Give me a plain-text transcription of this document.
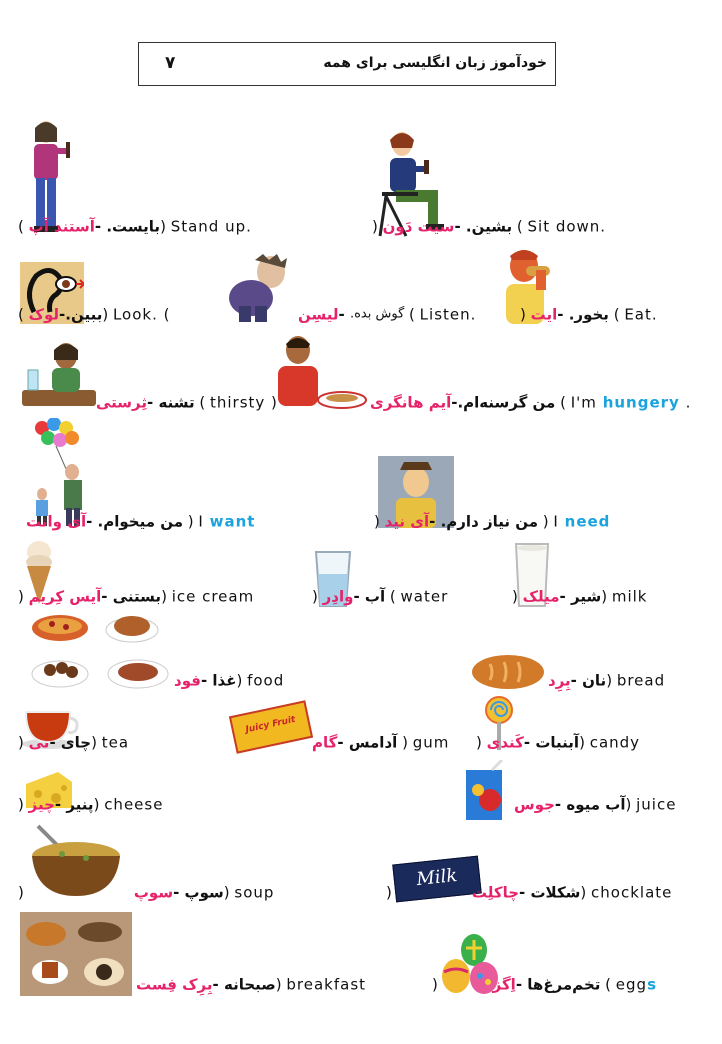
۷	خودآموز زبان انگلیسی برای همه
Juicy Fruit
Milk
(	بایست. -آستند آپ	) Stand up.	)	بشین. -سیت دَون	( Sit down.
( ببین.-لوک	) Look. (	گوش بده. -لیسِن	( Listen.	)	بخور. -ایت	( Eat.
تشنه -ثِرستی	( thirsty )	من گرسنه‌ام.-آیم هانگری	( I'm hungery .
من میخوام. -آی وانت	) I want	)	من نیاز دارم. -آی نید	) I need
)	بستنی -آیس کِریم	) ice cream	)	آب -وادِر ( water	)	شیر -میلک	) milk
غذا -فود ) food	نان -بِرِد ) bread
) چای -تی	) tea	آدامس -گام	) gum )	آبنبات -کَندی	) candy
)	پنیر -چیز	) cheese	آب میوه -جوس	) juice
)	سوپ -سوپ	) soup	)	شکلات -چاکلِت	) chocklate
صبحانه -بِرِک فِست	) breakfast	)	تخم‌مرغ‌ها -اِگز	( eggs
